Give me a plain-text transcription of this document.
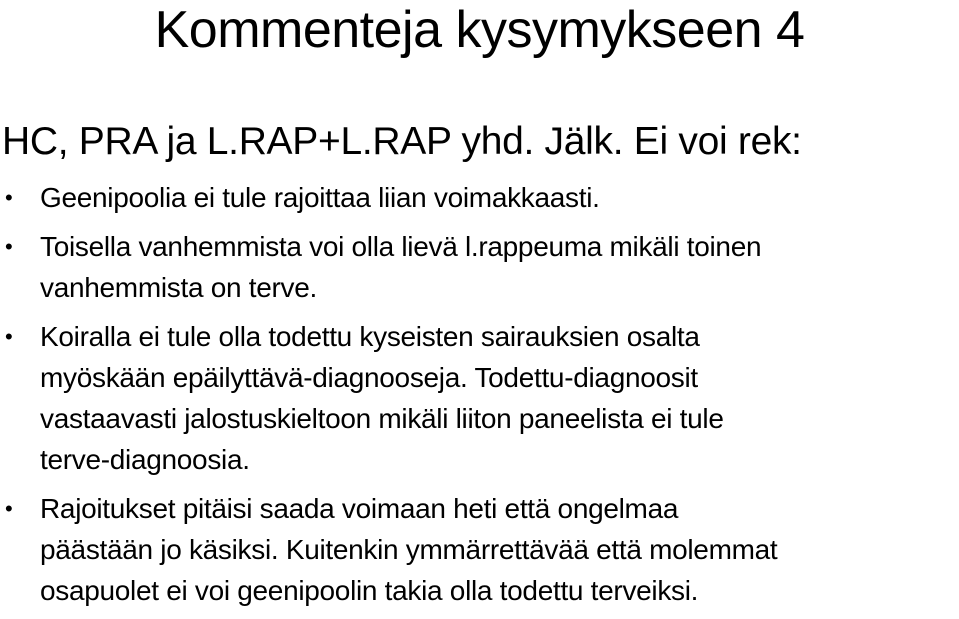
Kommenteja kysymykseen 4

HC, PRA ja L.RAP+L.RAP yhd. Jälk. Ei voi rek:

• Geenipoolia ei tule rajoittaa liian voimakkaasti.
• Toisella vanhemmista voi olla lievä l.rappeuma mikäli toinen
vanhemmista on terve.
• Koiralla ei tule olla todettu kyseisten sairauksien osalta
myöskään epäilyttävä-diagnooseja. Todettu-diagnoosit
vastaavasti jalostuskieltoon mikäli liiton paneelista ei tule
terve-diagnoosia.
• Rajoitukset pitäisi saada voimaan heti että ongelmaa
päästään jo käsiksi. Kuitenkin ymmärrettävää että molemmat
osapuolet ei voi geenipoolin takia olla todettu terveiksi.
